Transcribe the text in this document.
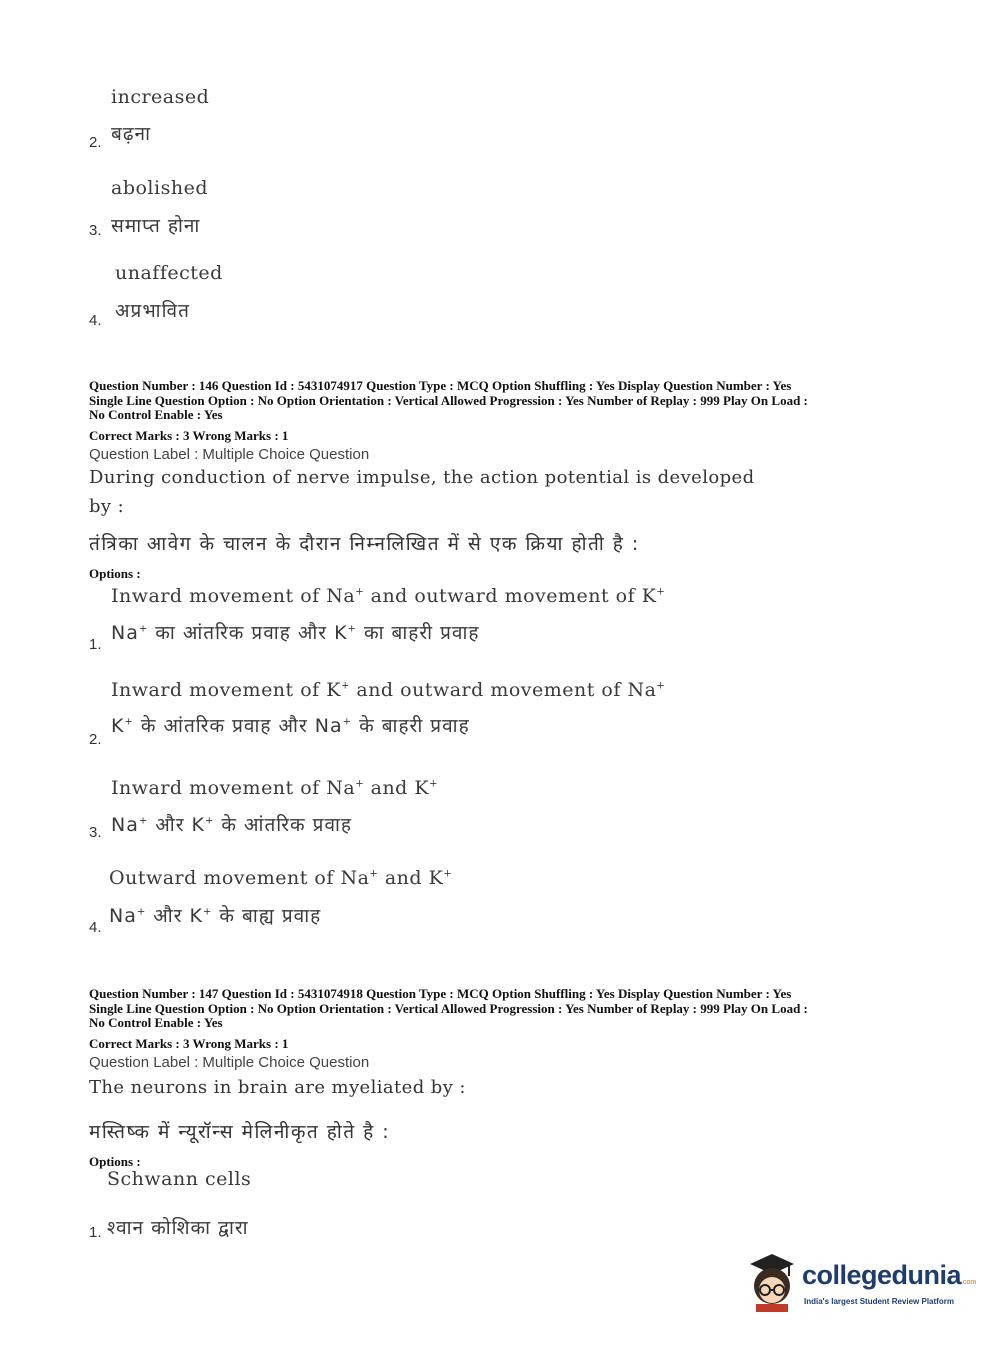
increased
2. बढ़ना
abolished
3. समाप्त होना
unaffected
4. अप्रभावित
Question Number : 146 Question Id : 5431074917 Question Type : MCQ Option Shuffling : Yes Display Question Number : Yes
Single Line Question Option : No Option Orientation : Vertical Allowed Progression : Yes Number of Replay : 999 Play On Load :
No Control Enable : Yes
Correct Marks : 3 Wrong Marks : 1
Question Label : Multiple Choice Question
During conduction of nerve impulse, the action potential is developed
by :
तंत्रिका आवेग के चालन के दौरान निम्नलिखित में से एक क्रिया होती है :
Options :
Inward movement of Na+ and outward movement of K+
1.
Na+ का आंतरिक प्रवाह और K+ का बाहरी प्रवाह
Inward movement of K+ and outward movement of Na+
2.
K+ के आंतरिक प्रवाह और Na+ के बाहरी प्रवाह
Inward movement of Na+ and K+
3. Na+ और K+ के आंतरिक प्रवाह
Outward movement of Na+ and K+
4.
Na+ और K+ के बाह्य प्रवाह
Question Number : 147 Question Id : 5431074918 Question Type : MCQ Option Shuffling : Yes Display Question Number : Yes
Single Line Question Option : No Option Orientation : Vertical Allowed Progression : Yes Number of Replay : 999 Play On Load :
No Control Enable : Yes
Correct Marks : 3 Wrong Marks : 1
Question Label : Multiple Choice Question
The neurons in brain are myeliated by :
मस्तिष्क में न्यूरॉन्स मेलिनीकृत होते है :
Options :
Schwann cells
1. श्वान कोशिका द्वारा
collegedunia.com
India's largest Student Review Platform
